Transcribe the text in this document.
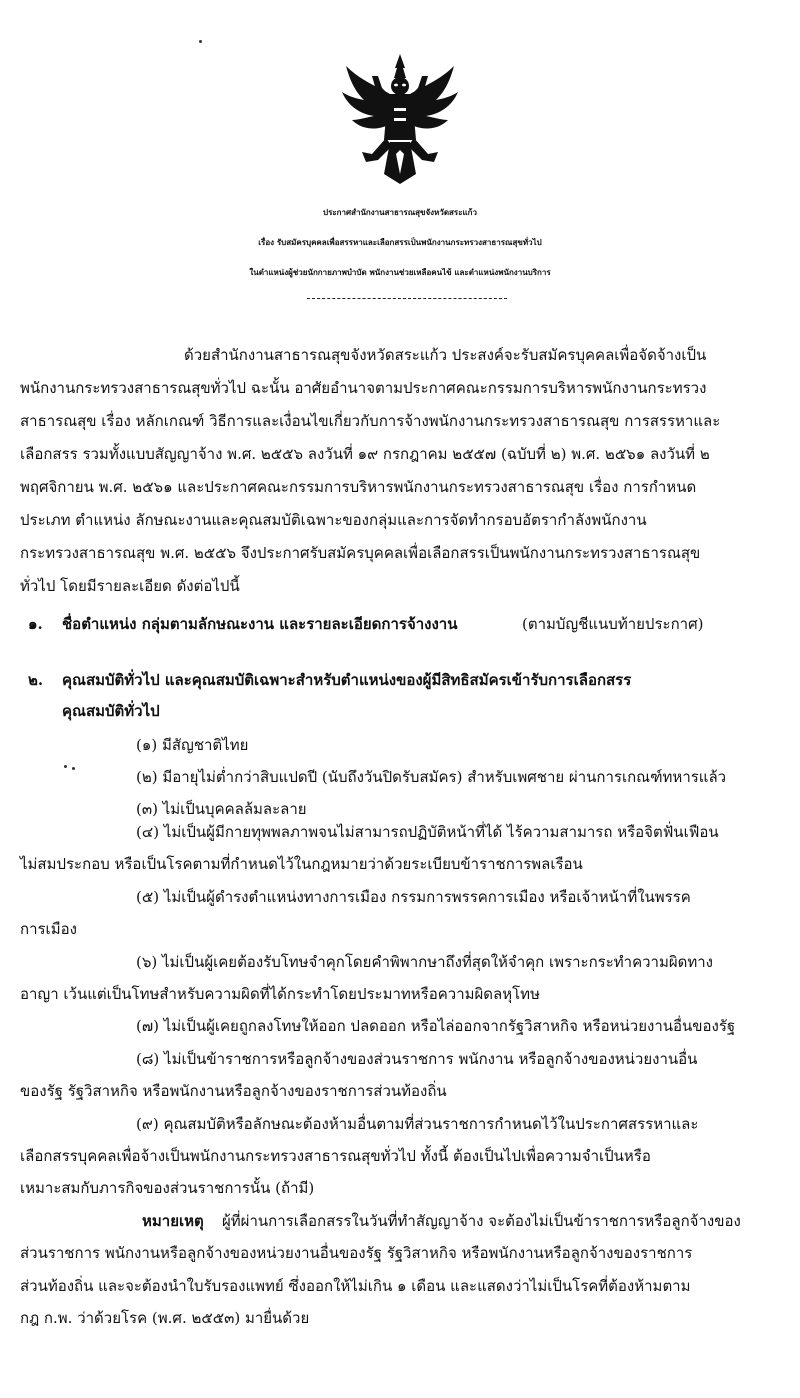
ประกาศสำนักงานสาธารณสุขจังหวัดสระแก้ว
เรื่อง รับสมัครบุคคลเพื่อสรรหาและเลือกสรรเป็นพนักงานกระทรวงสาธารณสุขทั่วไป
ในตำแหน่งผู้ช่วยนักกายภาพบำบัด พนักงานช่วยเหลือคนไข้ และตำแหน่งพนักงานบริการ
ด้วยสำนักงานสาธารณสุขจังหวัดสระแก้ว ประสงค์จะรับสมัครบุคคลเพื่อจัดจ้างเป็น
พนักงานกระทรวงสาธารณสุขทั่วไป ฉะนั้น อาศัยอำนาจตามประกาศคณะกรรมการบริหารพนักงานกระทรวง
สาธารณสุข เรื่อง หลักเกณฑ์ วิธีการและเงื่อนไขเกี่ยวกับการจ้างพนักงานกระทรวงสาธารณสุข การสรรหาและ
เลือกสรร รวมทั้งแบบสัญญาจ้าง พ.ศ. ๒๕๕๖ ลงวันที่ ๑๙ กรกฎาคม ๒๕๕๗ (ฉบับที่ ๒) พ.ศ. ๒๕๖๑ ลงวันที่ ๒
พฤศจิกายน พ.ศ. ๒๕๖๑ และประกาศคณะกรรมการบริหารพนักงานกระทรวงสาธารณสุข เรื่อง การกำหนด
ประเภท ตำแหน่ง ลักษณะงานและคุณสมบัติเฉพาะของกลุ่มและการจัดทำกรอบอัตรากำลังพนักงาน
กระทรวงสาธารณสุข พ.ศ. ๒๕๕๖ จึงประกาศรับสมัครบุคคลเพื่อเลือกสรรเป็นพนักงานกระทรวงสาธารณสุข
ทั่วไป โดยมีรายละเอียด ดังต่อไปนี้
๑. ชื่อตำแหน่ง กลุ่มตามลักษณะงาน และรายละเอียดการจ้างงาน	(ตามบัญชีแนบท้ายประกาศ)
๒. คุณสมบัติทั่วไป และคุณสมบัติเฉพาะสำหรับตำแหน่งของผู้มีสิทธิสมัครเข้ารับการเลือกสรร
คุณสมบัติทั่วไป
(๑) มีสัญชาติไทย
(๒) มีอายุไม่ต่ำกว่าสิบแปดปี (นับถึงวันปิดรับสมัคร) สำหรับเพศชาย ผ่านการเกณฑ์ทหารแล้ว
(๓) ไม่เป็นบุคคลล้มละลาย
(๔) ไม่เป็นผู้มีกายทุพพลภาพจนไม่สามารถปฏิบัติหน้าที่ได้ ไร้ความสามารถ หรือจิตฟั่นเฟือน
ไม่สมประกอบ หรือเป็นโรคตามที่กำหนดไว้ในกฎหมายว่าด้วยระเบียบข้าราชการพลเรือน
(๕) ไม่เป็นผู้ดำรงตำแหน่งทางการเมือง กรรมการพรรคการเมือง หรือเจ้าหน้าที่ในพรรค
การเมือง
(๖) ไม่เป็นผู้เคยต้องรับโทษจำคุกโดยคำพิพากษาถึงที่สุดให้จำคุก เพราะกระทำความผิดทาง
อาญา เว้นแต่เป็นโทษสำหรับความผิดที่ได้กระทำโดยประมาทหรือความผิดลหุโทษ
(๗) ไม่เป็นผู้เคยถูกลงโทษให้ออก ปลดออก หรือไล่ออกจากรัฐวิสาหกิจ หรือหน่วยงานอื่นของรัฐ
(๘) ไม่เป็นข้าราชการหรือลูกจ้างของส่วนราชการ พนักงาน หรือลูกจ้างของหน่วยงานอื่น
ของรัฐ รัฐวิสาหกิจ หรือพนักงานหรือลูกจ้างของราชการส่วนท้องถิ่น
(๙) คุณสมบัติหรือลักษณะต้องห้ามอื่นตามที่ส่วนราชการกำหนดไว้ในประกาศสรรหาและ
เลือกสรรบุคคลเพื่อจ้างเป็นพนักงานกระทรวงสาธารณสุขทั่วไป ทั้งนี้ ต้องเป็นไปเพื่อความจำเป็นหรือ
เหมาะสมกับภารกิจของส่วนราชการนั้น (ถ้ามี)
หมายเหตุ ผู้ที่ผ่านการเลือกสรรในวันที่ทำสัญญาจ้าง จะต้องไม่เป็นข้าราชการหรือลูกจ้างของ
ส่วนราชการ พนักงานหรือลูกจ้างของหน่วยงานอื่นของรัฐ รัฐวิสาหกิจ หรือพนักงานหรือลูกจ้างของราชการ
ส่วนท้องถิ่น และจะต้องนำใบรับรองแพทย์ ซึ่งออกให้ไม่เกิน ๑ เดือน และแสดงว่าไม่เป็นโรคที่ต้องห้ามตาม
กฎ ก.พ. ว่าด้วยโรค (พ.ศ. ๒๕๕๓) มายื่นด้วย
